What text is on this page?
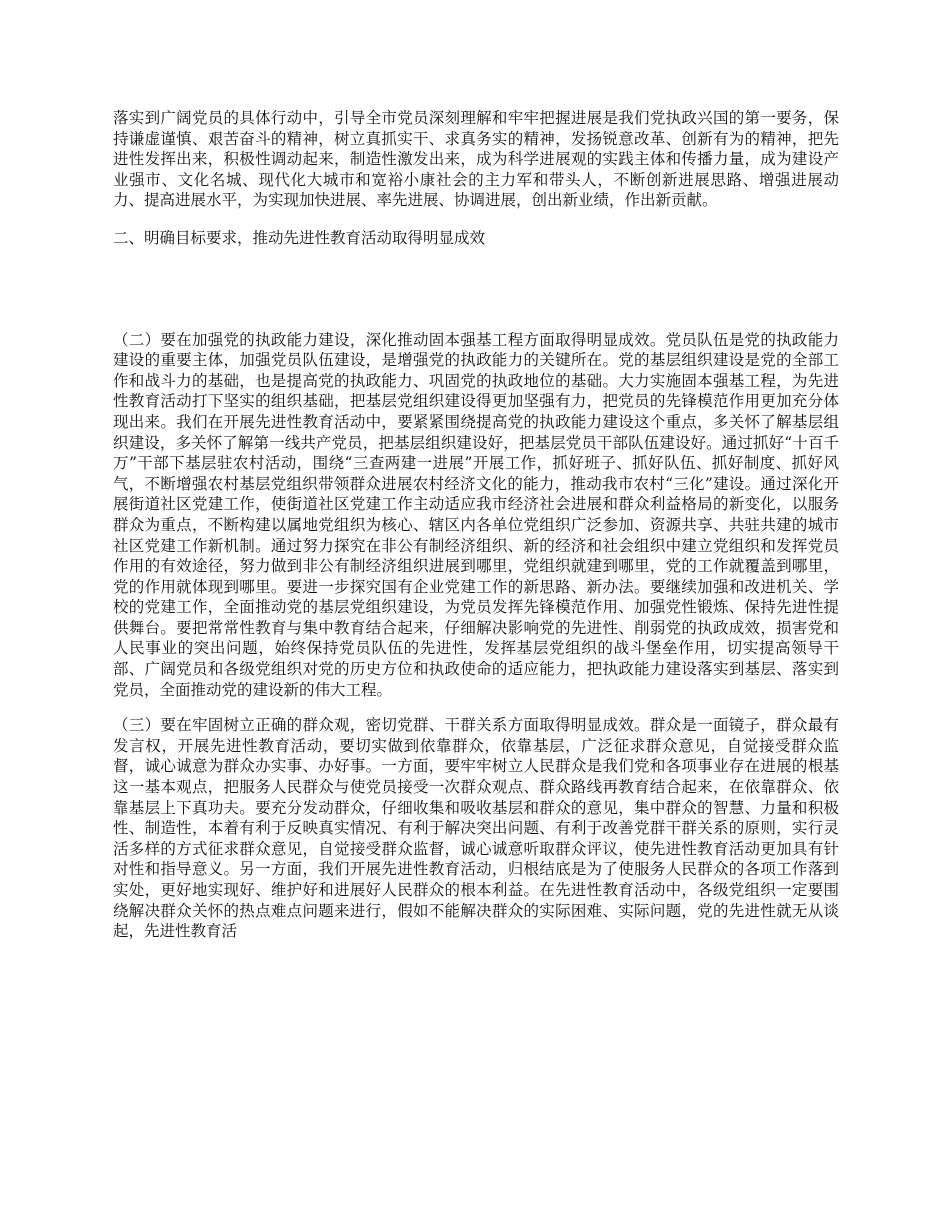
落实到广阔党员的具体行动中，引导全市党员深刻理解和牢牢把握进展是我们党执政兴国的第一要务，保持谦虚谨慎、艰苦奋斗的精神，树立真抓实干、求真务实的精神，发扬锐意改革、创新有为的精神，把先进性发挥出来，积极性调动起来，制造性激发出来，成为科学进展观的实践主体和传播力量，成为建设产业强市、文化名城、现代化大城市和宽裕小康社会的主力军和带头人，不断创新进展思路、增强进展动力、提高进展水平，为实现加快进展、率先进展、协调进展，创出新业绩，作出新贡献。

二、明确目标要求，推动先进性教育活动取得明显成效

（二）要在加强党的执政能力建设，深化推动固本强基工程方面取得明显成效。党员队伍是党的执政能力建设的重要主体，加强党员队伍建设，是增强党的执政能力的关键所在。党的基层组织建设是党的全部工作和战斗力的基础，也是提高党的执政能力、巩固党的执政地位的基础。大力实施固本强基工程，为先进性教育活动打下坚实的组织基础，把基层党组织建设得更加坚强有力，把党员的先锋模范作用更加充分体现出来。我们在开展先进性教育活动中，要紧紧围绕提高党的执政能力建设这个重点，多关怀了解基层组织建设，多关怀了解第一线共产党员，把基层组织建设好，把基层党员干部队伍建设好。通过抓好“十百千万”干部下基层驻农村活动，围绕“三查两建一进展”开展工作，抓好班子、抓好队伍、抓好制度、抓好风气，不断增强农村基层党组织带领群众进展农村经济文化的能力，推动我市农村“三化”建设。通过深化开展街道社区党建工作，使街道社区党建工作主动适应我市经济社会进展和群众利益格局的新变化，以服务群众为重点，不断构建以属地党组织为核心、辖区内各单位党组织广泛参加、资源共享、共驻共建的城市社区党建工作新机制。通过努力探究在非公有制经济组织、新的经济和社会组织中建立党组织和发挥党员作用的有效途径，努力做到非公有制经济组织进展到哪里，党组织就建到哪里，党的工作就覆盖到哪里，党的作用就体现到哪里。要进一步探究国有企业党建工作的新思路、新办法。要继续加强和改进机关、学校的党建工作，全面推动党的基层党组织建设，为党员发挥先锋模范作用、加强党性锻炼、保持先进性提供舞台。要把常常性教育与集中教育结合起来，仔细解决影响党的先进性、削弱党的执政成效，损害党和人民事业的突出问题，始终保持党员队伍的先进性，发挥基层党组织的战斗堡垒作用，切实提高领导干部、广阔党员和各级党组织对党的历史方位和执政使命的适应能力，把执政能力建设落实到基层、落实到党员，全面推动党的建设新的伟大工程。

（三）要在牢固树立正确的群众观，密切党群、干群关系方面取得明显成效。群众是一面镜子，群众最有发言权，开展先进性教育活动，要切实做到依靠群众，依靠基层，广泛征求群众意见，自觉接受群众监督，诚心诚意为群众办实事、办好事。一方面，要牢牢树立人民群众是我们党和各项事业存在进展的根基这一基本观点，把服务人民群众与使党员接受一次群众观点、群众路线再教育结合起来，在依靠群众、依靠基层上下真功夫。要充分发动群众，仔细收集和吸收基层和群众的意见，集中群众的智慧、力量和积极性、制造性，本着有利于反映真实情况、有利于解决突出问题、有利于改善党群干群关系的原则，实行灵活多样的方式征求群众意见，自觉接受群众监督，诚心诚意听取群众评议，使先进性教育活动更加具有针对性和指导意义。另一方面，我们开展先进性教育活动，归根结底是为了使服务人民群众的各项工作落到实处，更好地实现好、维护好和进展好人民群众的根本利益。在先进性教育活动中，各级党组织一定要围绕解决群众关怀的热点难点问题来进行，假如不能解决群众的实际困难、实际问题，党的先进性就无从谈起，先进性教育活
